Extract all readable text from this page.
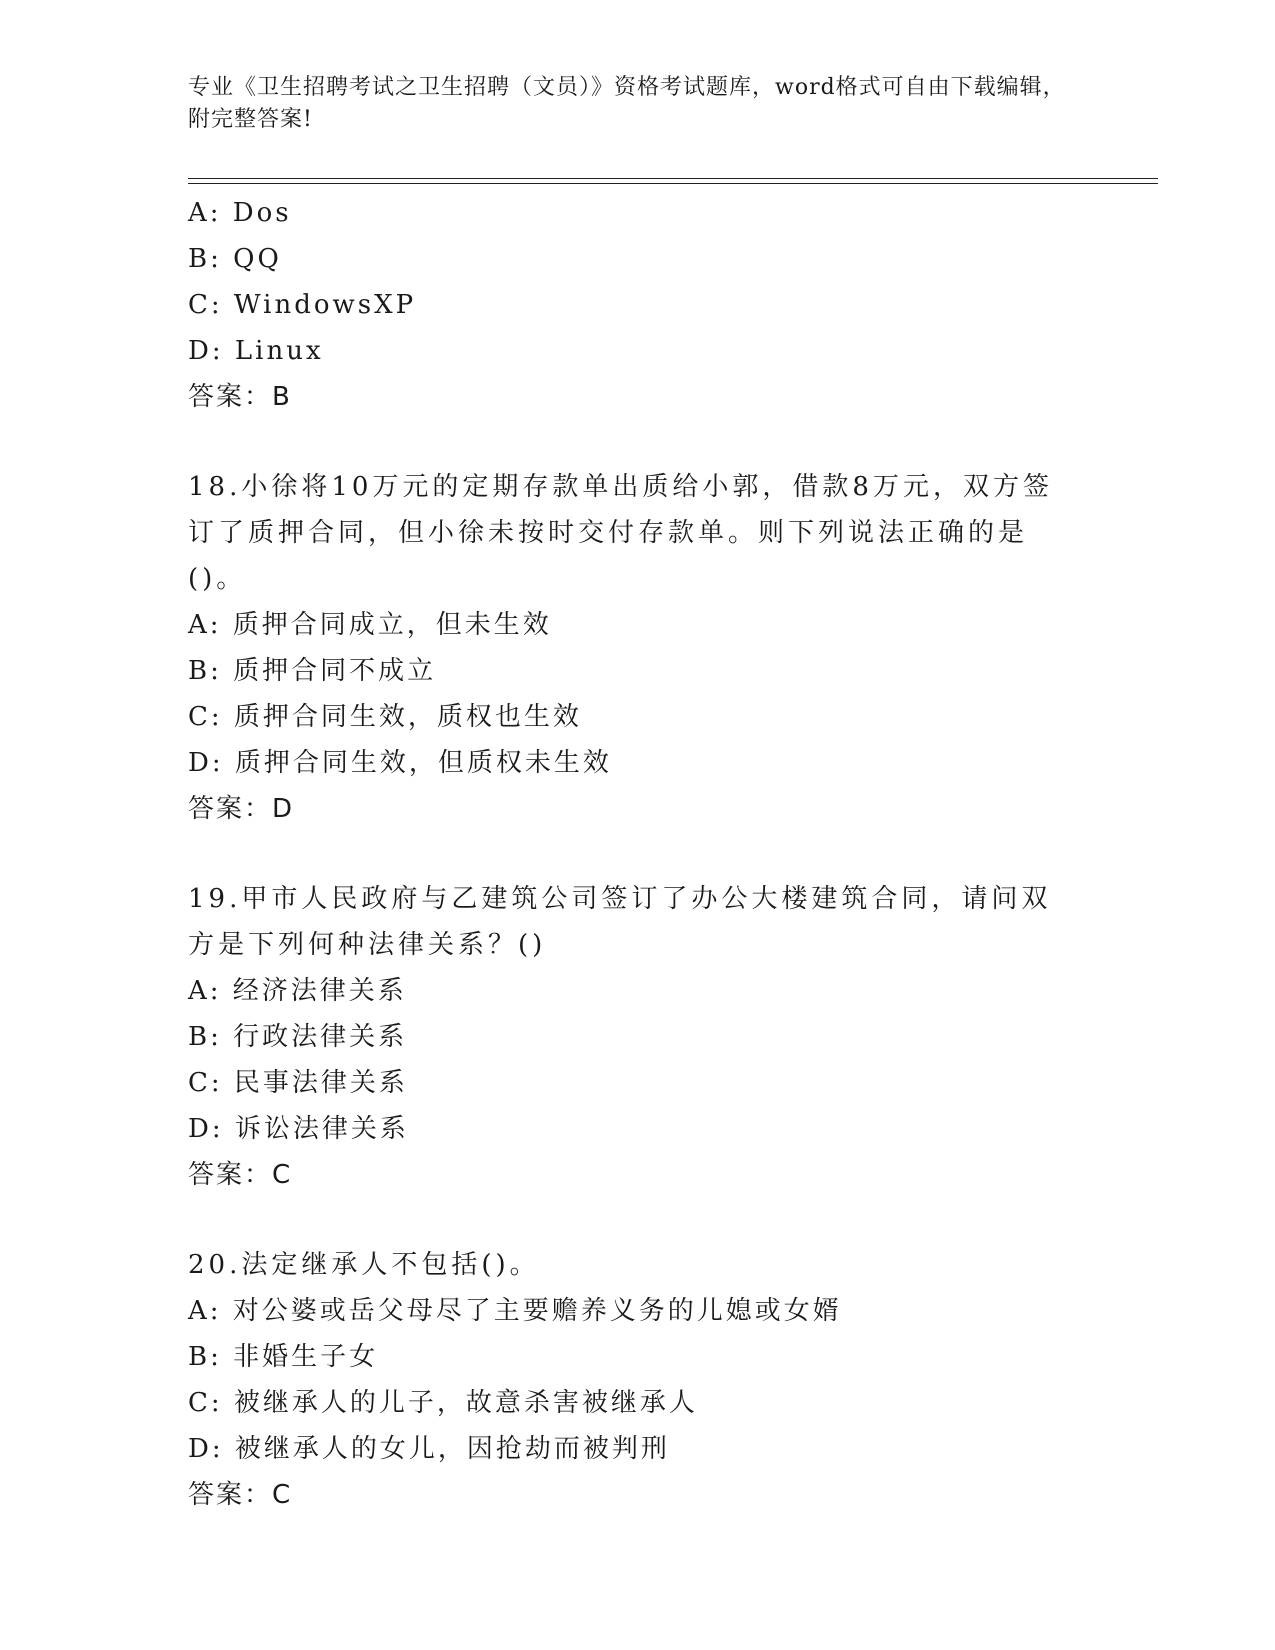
专业《卫生招聘考试之卫生招聘（文员）》资格考试题库，word格式可自由下载编辑，附完整答案!
A: Dos
B: QQ
C: WindowsXP
D: Linux
答案：B
18.小徐将10万元的定期存款单出质给小郭，借款8万元，双方签订了质押合同，但小徐未按时交付存款单。则下列说法正确的是()。
A: 质押合同成立，但未生效
B: 质押合同不成立
C: 质押合同生效，质权也生效
D: 质押合同生效，但质权未生效
答案：D
19.甲市人民政府与乙建筑公司签订了办公大楼建筑合同，请问双方是下列何种法律关系？()
A: 经济法律关系
B: 行政法律关系
C: 民事法律关系
D: 诉讼法律关系
答案：C
20.法定继承人不包括()。
A: 对公婆或岳父母尽了主要赡养义务的儿媳或女婿
B: 非婚生子女
C: 被继承人的儿子，故意杀害被继承人
D: 被继承人的女儿，因抢劫而被判刑
答案：C
